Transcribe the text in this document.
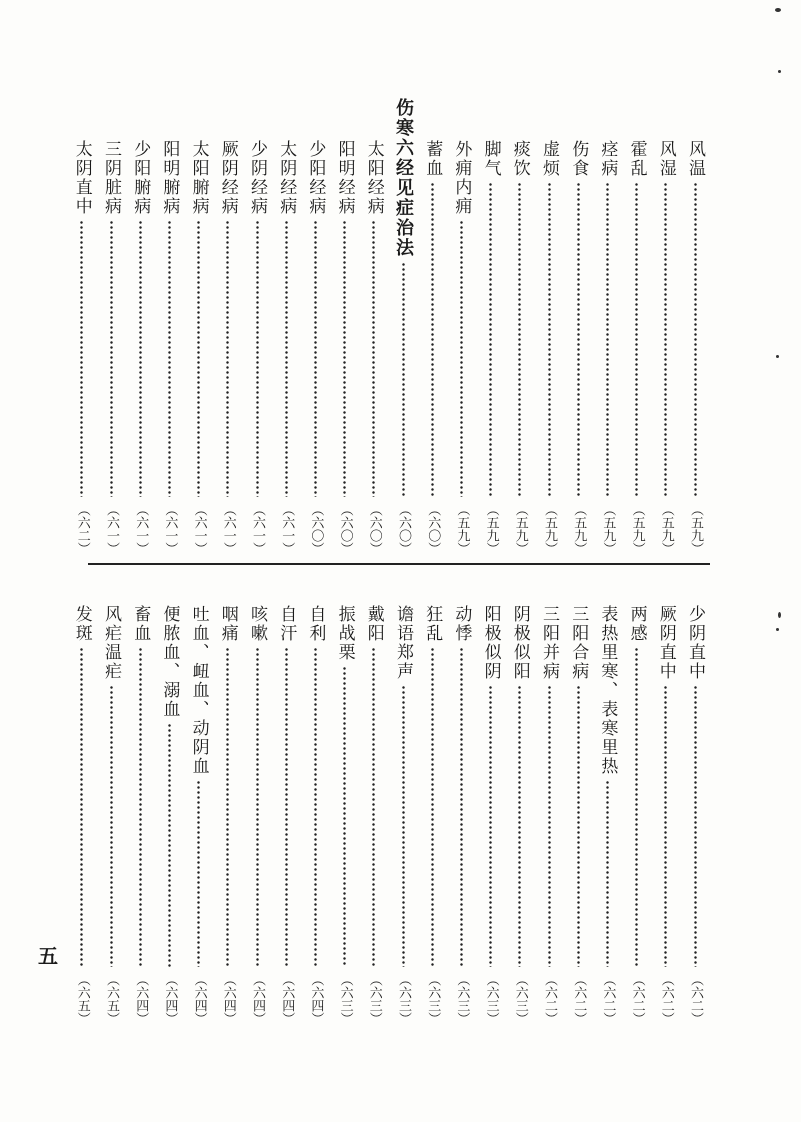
风温
（五九）
风湿
（五九）
霍乱
（五九）
痉病
（五九）
伤食
（五九）
虚烦
（五九）
痰饮
（五九）
脚气
（五九）
外痈内痈
（五九）
蓄血
（六〇）
伤寒六经见症治法
（六〇）
太阳经病
（六〇）
阳明经病
（六〇）
少阳经病
（六〇）
太阴经病
（六一）
少阴经病
（六一）
厥阴经病
（六一）
太阳腑病
（六一）
阳明腑病
（六一）
少阳腑病
（六一）
三阴脏病
（六一）
太阴直中
（六二）
少阴直中
（六二）
厥阴直中
（六二）
两感
（六二）
表热里寒、表寒里热
（六二）
三阳合病
（六二）
三阳并病
（六二）
阴极似阳
（六三）
阳极似阴
（六三）
动悸
（六三）
狂乱
（六三）
谵语郑声
（六三）
戴阳
（六三）
振战栗
（六三）
自利
（六四）
自汗
（六四）
咳嗽
（六四）
咽痛
（六四）
吐血、衄血、动阴血
（六四）
便脓血、溺血
（六四）
畜血
（六四）
风疟温疟
（六五）
发斑
（六五）
五
